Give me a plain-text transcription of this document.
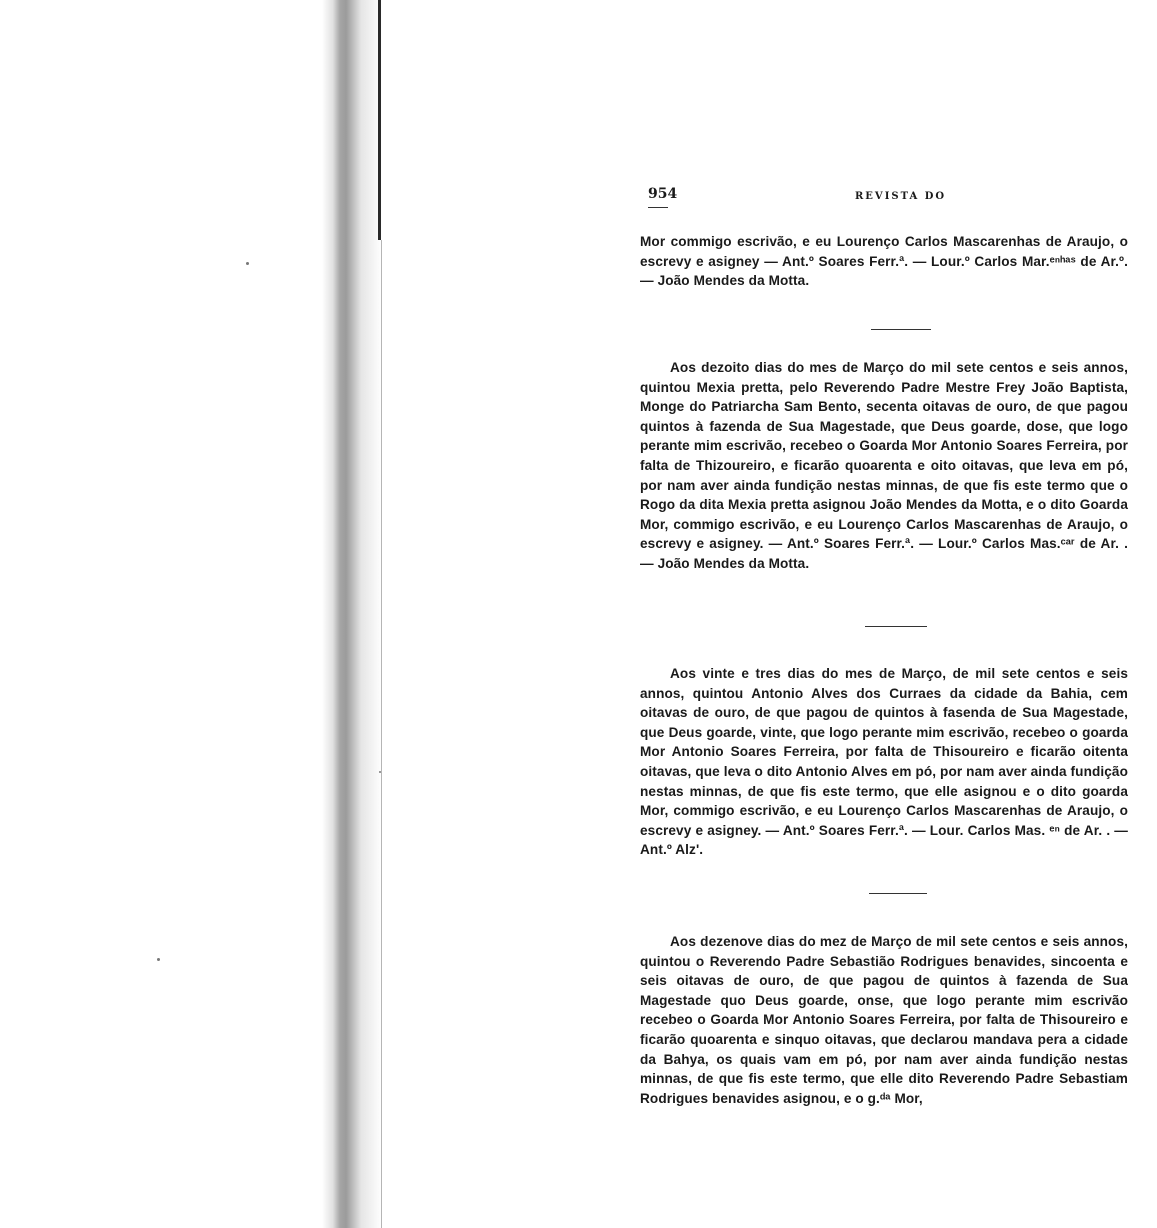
954	REVISTA DO

Mor commigo escrivão, e eu Lourenço Carlos Mascarenhas de Araujo, o escrevy e asigney — Ant.º Soares Ferr.ª. — Lour.º Carlos Mar.ᵉⁿʰᵃˢ de Ar.º. — João Mendes da Motta.

Aos dezoito dias do mes de Março do mil sete centos e seis annos, quintou Mexia pretta, pelo Reverendo Padre Mestre Frey João Baptista, Monge do Patriarcha Sam Bento, secenta oitavas de ouro, de que pagou quintos à fazenda de Sua Magestade, que Deus goarde, dose, que logo perante mim escrivão, recebeo o Goarda Mor Antonio Soares Ferreira, por falta de Thizoureiro, e ficarão quoarenta e oito oitavas, que leva em pó, por nam aver ainda fundição nestas minnas, de que fis este termo que o Rogo da dita Mexia pretta asignou João Mendes da Motta, e o dito Goarda Mor, commigo escrivão, e eu Lourenço Carlos Mascarenhas de Araujo, o escrevy e asigney. — Ant.º Soares Ferr.ª. — Lour.º Carlos Mas.ᶜᵃʳ de Ar. . — João Mendes da Motta.

Aos vinte e tres dias do mes de Março, de mil sete centos e seis annos, quintou Antonio Alves dos Curraes da cidade da Bahia, cem oitavas de ouro, de que pagou de quintos à fasenda de Sua Magestade, que Deus goarde, vinte, que logo perante mim escrivão, recebeo o goarda Mor Antonio Soares Ferreira, por falta de Thisoureiro e ficarão oitenta oitavas, que leva o dito Antonio Alves em pó, por nam aver ainda fundição nestas minnas, de que fis este termo, que elle asignou e o dito goarda Mor, commigo escrivão, e eu Lourenço Carlos Mascarenhas de Araujo, o escrevy e asigney. — Ant.º Soares Ferr.ª. — Lour. Carlos Mas. ᵉⁿ de Ar. . — Ant.º Alz'.

Aos dezenove dias do mez de Março de mil sete centos e seis annos, quintou o Reverendo Padre Sebastião Rodrigues benavides, sincoenta e seis oitavas de ouro, de que pagou de quintos à fazenda de Sua Magestade quo Deus goarde, onse, que logo perante mim escrivão recebeo o Goarda Mor Antonio Soares Ferreira, por falta de Thisoureiro e ficarão quoarenta e sinquo oitavas, que declarou mandava pera a cidade da Bahya, os quais vam em pó, por nam aver ainda fundição nestas minnas, de que fis este termo, que elle dito Reverendo Padre Sebastiam Rodrigues benavides asignou, e o g.ᵈᵃ Mor,
